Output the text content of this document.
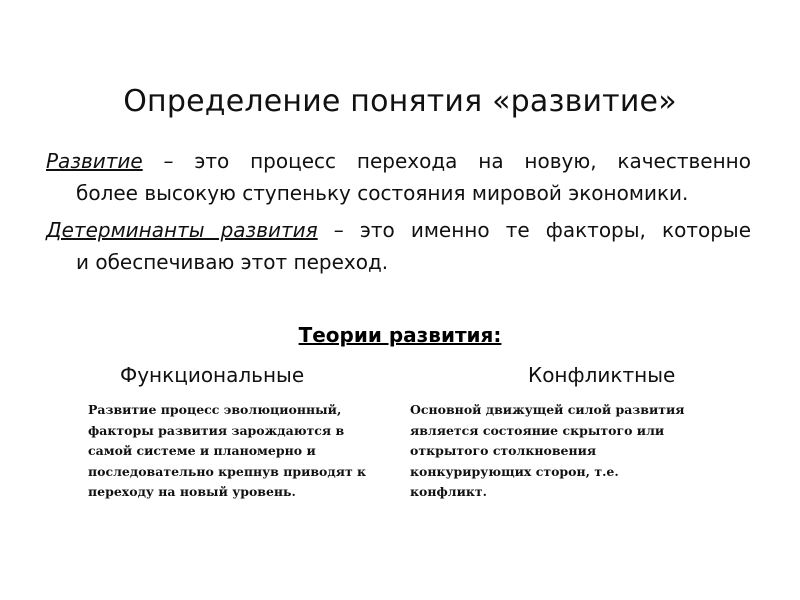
Определение понятия «развитие»
Развитие – это процесс перехода на новую, качественно
более высокую ступеньку состояния мировой экономики.
Детерминанты развития – это именно те факторы, которые
и обеспечиваю этот переход.
Теории развития:
Функциональные	Конфликтные
Развитие процесс эволюционный,
факторы развития зарождаются в
самой системе и планомерно и
последовательно крепнув приводят к
переходу на новый уровень.
Основной движущей силой развития
является состояние скрытого или
открытого столкновения
конкурирующих сторон, т.е.
конфликт.
